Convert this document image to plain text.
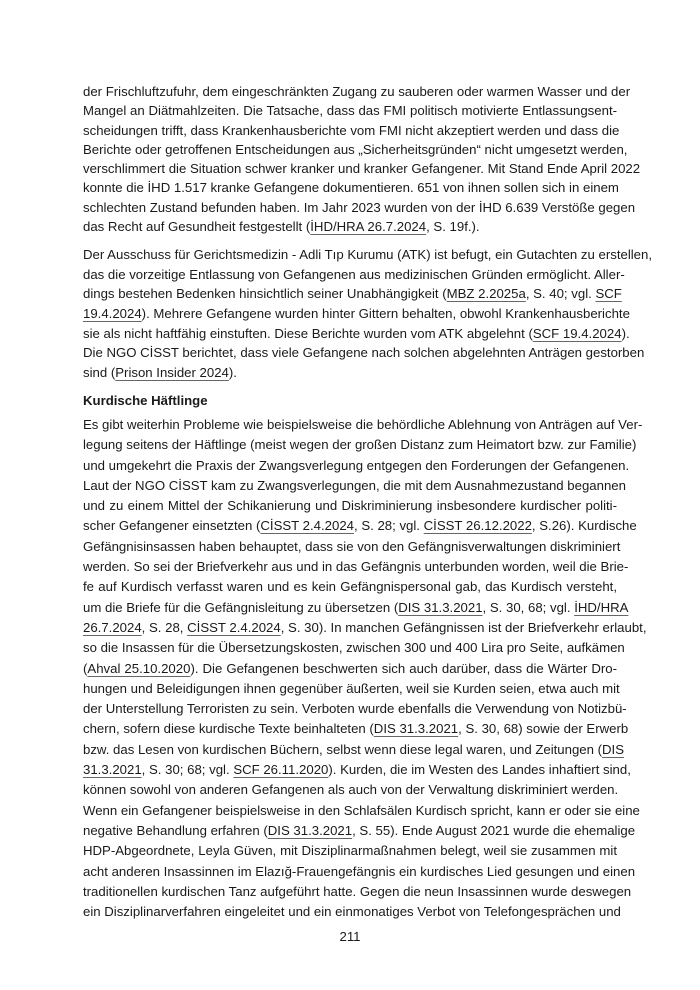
der Frischluftzufuhr, dem eingeschränkten Zugang zu sauberen oder warmen Wasser und der
Mangel an Diätmahlzeiten. Die Tatsache, dass das FMI politisch motivierte Entlassungsent-
scheidungen trifft, dass Krankenhausberichte vom FMI nicht akzeptiert werden und dass die
Berichte oder getroffenen Entscheidungen aus „Sicherheitsgründen“ nicht umgesetzt werden,
verschlimmert die Situation schwer kranker und kranker Gefangener. Mit Stand Ende April 2022
konnte die İHD 1.517 kranke Gefangene dokumentieren. 651 von ihnen sollen sich in einem
schlechten Zustand befunden haben. Im Jahr 2023 wurden von der İHD 6.639 Verstöße gegen
das Recht auf Gesundheit festgestellt (İHD/HRA 26.7.2024, S. 19f.).
Der Ausschuss für Gerichtsmedizin - Adli Tıp Kurumu (ATK) ist befugt, ein Gutachten zu erstellen,
das die vorzeitige Entlassung von Gefangenen aus medizinischen Gründen ermöglicht. Aller-
dings bestehen Bedenken hinsichtlich seiner Unabhängigkeit (MBZ 2.2025a, S. 40; vgl. SCF
19.4.2024). Mehrere Gefangene wurden hinter Gittern behalten, obwohl Krankenhausberichte
sie als nicht haftfähig einstuften. Diese Berichte wurden vom ATK abgelehnt (SCF 19.4.2024).
Die NGO CİSST berichtet, dass viele Gefangene nach solchen abgelehnten Anträgen gestorben
sind (Prison Insider 2024).
Kurdische Häftlinge
Es gibt weiterhin Probleme wie beispielsweise die behördliche Ablehnung von Anträgen auf Ver-
legung seitens der Häftlinge (meist wegen der großen Distanz zum Heimatort bzw. zur Familie)
und umgekehrt die Praxis der Zwangsverlegung entgegen den Forderungen der Gefangenen.
Laut der NGO CİSST kam zu Zwangsverlegungen, die mit dem Ausnahmezustand begannen
und zu einem Mittel der Schikanierung und Diskriminierung insbesondere kurdischer politi-
scher Gefangener einsetzten (CİSST 2.4.2024, S. 28; vgl. CİSST 26.12.2022, S.26). Kurdische
Gefängnisinsassen haben behauptet, dass sie von den Gefängnisverwaltungen diskriminiert
werden. So sei der Briefverkehr aus und in das Gefängnis unterbunden worden, weil die Brie-
fe auf Kurdisch verfasst waren und es kein Gefängnispersonal gab, das Kurdisch versteht,
um die Briefe für die Gefängnisleitung zu übersetzen (DIS 31.3.2021, S. 30, 68; vgl. İHD/HRA
26.7.2024, S. 28, CİSST 2.4.2024, S. 30). In manchen Gefängnissen ist der Briefverkehr erlaubt,
so die Insassen für die Übersetzungskosten, zwischen 300 und 400 Lira pro Seite, aufkämen
(Ahval 25.10.2020). Die Gefangenen beschwerten sich auch darüber, dass die Wärter Dro-
hungen und Beleidigungen ihnen gegenüber äußerten, weil sie Kurden seien, etwa auch mit
der Unterstellung Terroristen zu sein. Verboten wurde ebenfalls die Verwendung von Notizbü-
chern, sofern diese kurdische Texte beinhalteten (DIS 31.3.2021, S. 30, 68) sowie der Erwerb
bzw. das Lesen von kurdischen Büchern, selbst wenn diese legal waren, und Zeitungen (DIS
31.3.2021, S. 30; 68; vgl. SCF 26.11.2020). Kurden, die im Westen des Landes inhaftiert sind,
können sowohl von anderen Gefangenen als auch von der Verwaltung diskriminiert werden.
Wenn ein Gefangener beispielsweise in den Schlafsälen Kurdisch spricht, kann er oder sie eine
negative Behandlung erfahren (DIS 31.3.2021, S. 55). Ende August 2021 wurde die ehemalige
HDP-Abgeordnete, Leyla Güven, mit Disziplinarmaßnahmen belegt, weil sie zusammen mit
acht anderen Insassinnen im Elazığ-Frauengefängnis ein kurdisches Lied gesungen und einen
traditionellen kurdischen Tanz aufgeführt hatte. Gegen die neun Insassinnen wurde deswegen
ein Disziplinarverfahren eingeleitet und ein einmonatiges Verbot von Telefongesprächen und
211
